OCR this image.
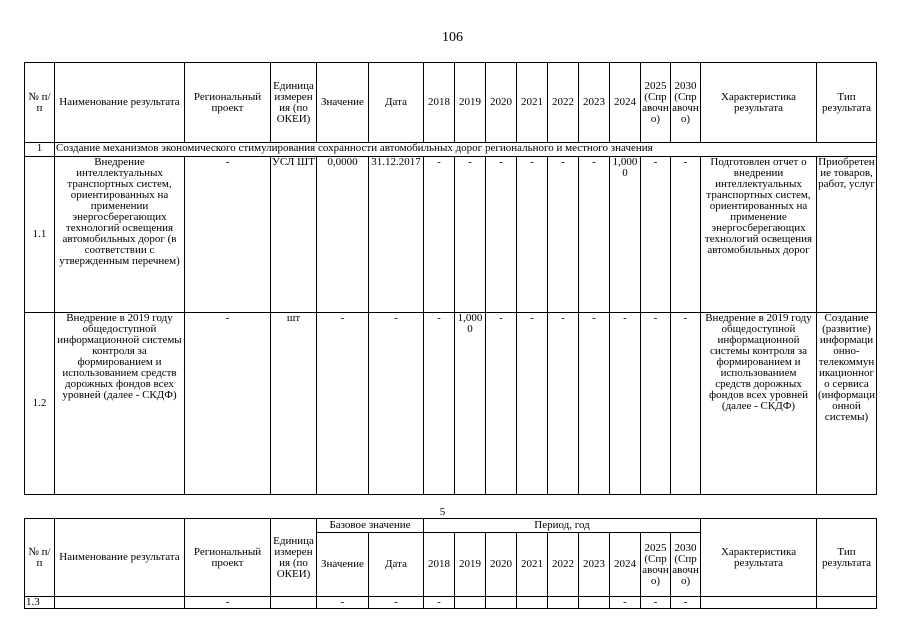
106
№ п/п	Наименование результата	Региональный проект	Единица измерения (по ОКЕИ)	Значение	Дата	2018	2019	2020	2021	2022	2023	2024	2025 (Справочно)	2030 (Справочно)	Характеристика результата	Тип результата
1	Создание механизмов экономического стимулирования сохранности автомобильных дорог регионального и местного значения															
1.1	Внедрение интеллектуальных транспортных систем, ориентированных на применении энергосберегающих технологий освещения автомобильных дорог (в соответствии с утвержденным перечнем)	-	УСЛ ШТ	0,0000	31.12.2017	-	-	-	-	-	-	1,0000	-	-	Подготовлен отчет о внедрении интеллектуальных транспортных систем, ориентированных на применение энергосберегающих технологий освещения автомобильных дорог	Приобретение товаров, работ, услуг
1.2	Внедрение в 2019 году общедоступной информационной системы контроля за формированием и использованием средств дорожных фондов всех уровней (далее - СКДФ)	-	шт	-	-	-	1,0000	-	-	-	-	-	-	-	Внедрение в 2019 году общедоступной информационной системы контроля за формированием и использованием средств дорожных фондов всех уровней (далее - СКДФ)	Создание (развитие) информационно-телекоммуникационного сервиса (информационной системы)
5
№ п/п	Наименование результата	Региональный проект	Единица измерения (по ОКЕИ)	Базовое значение		Период, год									Характеристика результата	Тип результата
				Значение	Дата	2018	2019	2020	2021	2022	2023	2024	2025 (Справочно)	2030 (Справочно)		
1.3		-		-	-	-						-	-	-		
